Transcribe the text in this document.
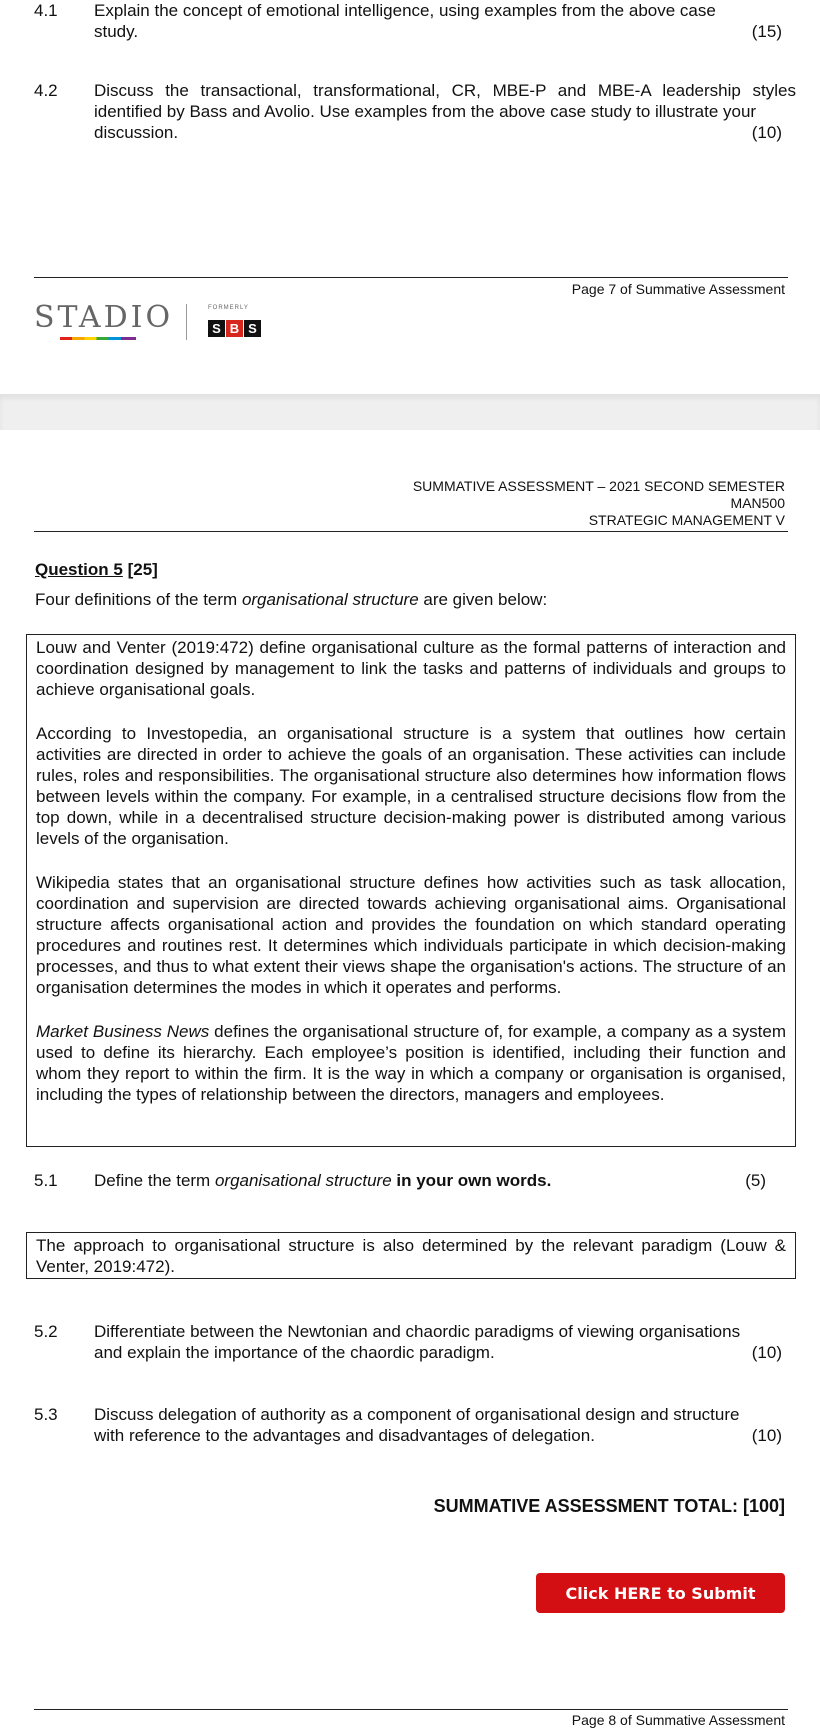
4.1 Explain the concept of emotional intelligence, using examples from the above case
study.	(15)
4.2 Discuss the transactional, transformational, CR, MBE-P and MBE-A leadership styles identified by Bass and Avolio. Use examples from the above case study to illustrate your
discussion.	(10)
Page 7 of Summative Assessment
STADIO	FORMERLY
S B S
SUMMATIVE ASSESSMENT – 2021 SECOND SEMESTER
MAN500
STRATEGIC MANAGEMENT V
Question 5 [25]
Four definitions of the term organisational structure are given below:

Louw and Venter (2019:472) define organisational culture as the formal patterns of interaction and coordination designed by management to link the tasks and patterns of individuals and groups to achieve organisational goals.

According to Investopedia, an organisational structure is a system that outlines how certain activities are directed in order to achieve the goals of an organisation. These activities can include rules, roles and responsibilities. The organisational structure also determines how information flows between levels within the company. For example, in a centralised structure decisions flow from the top down, while in a decentralised structure decision-making power is distributed among various levels of the organisation.

Wikipedia states that an organisational structure defines how activities such as task allocation, coordination and supervision are directed towards achieving organisational aims. Organisational structure affects organisational action and provides the foundation on which standard operating procedures and routines rest. It determines which individuals participate in which decision-making processes, and thus to what extent their views shape the organisation's actions. The structure of an organisation determines the modes in which it operates and performs.

Market Business News defines the organisational structure of, for example, a company as a system used to define its hierarchy. Each employee’s position is identified, including their function and whom they report to within the firm. It is the way in which a company or organisation is organised, including the types of relationship between the directors, managers and employees.

5.1 Define the term organisational structure in your own words.	(5)
The approach to organisational structure is also determined by the relevant paradigm (Louw & Venter, 2019:472).
5.2 Differentiate between the Newtonian and chaordic paradigms of viewing organisations
and explain the importance of the chaordic paradigm.	(10)
5.3 Discuss delegation of authority as a component of organisational design and structure
with reference to the advantages and disadvantages of delegation.	(10)
SUMMATIVE ASSESSMENT TOTAL: [100]
Click HERE to Submit
Page 8 of Summative Assessment
